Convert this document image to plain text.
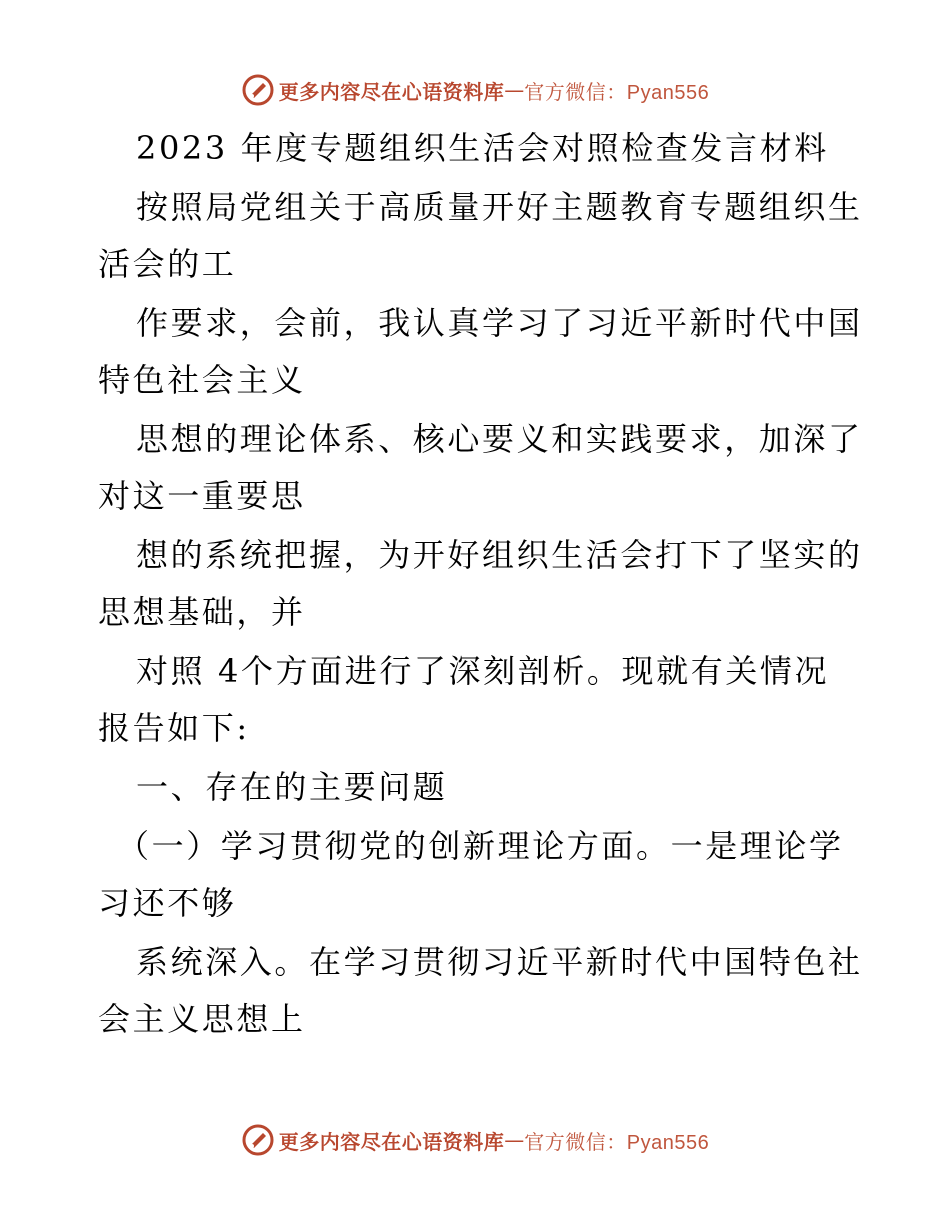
更多内容尽在心语资料库 — 官方微信：Pyan556
2023 年度专题组织生活会对照检查发言材料
按照局党组关于高质量开好主题教育专题组织生
活会的工
作要求，会前，我认真学习了习近平新时代中国
特色社会主义
思想的理论体系、核心要义和实践要求，加深了
对这一重要思
想的系统把握，为开好组织生活会打下了坚实的
思想基础，并
对照 4个方面进行了深刻剖析。现就有关情况
报告如下:
一、存在的主要问题
（一）学习贯彻党的创新理论方面。一是理论学
习还不够
系统深入。在学习贯彻习近平新时代中国特色社
会主义思想上
更多内容尽在心语资料库 — 官方微信：Pyan556
